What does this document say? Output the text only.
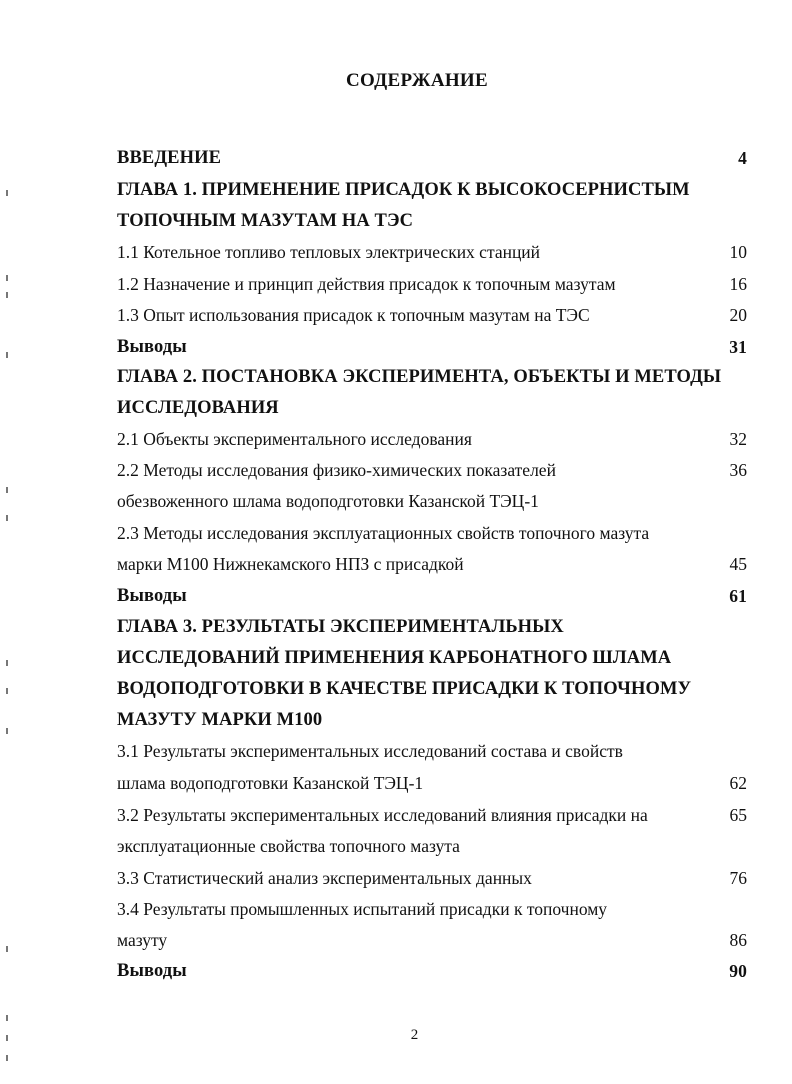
СОДЕРЖАНИЕ
ВВЕДЕНИЕ	4
ГЛАВА 1. ПРИМЕНЕНИЕ ПРИСАДОК К ВЫСОКОСЕРНИСТЫМ
ТОПОЧНЫМ МАЗУТАМ НА ТЭС
1.1 Котельное топливо тепловых электрических станций	10
1.2 Назначение и принцип действия присадок к топочным мазутам	16
1.3 Опыт использования присадок к топочным мазутам на ТЭС	20
Выводы	31
ГЛАВА 2. ПОСТАНОВКА ЭКСПЕРИМЕНТА, ОБЪЕКТЫ И МЕТОДЫ
ИССЛЕДОВАНИЯ
2.1 Объекты экспериментального исследования	32
2.2 Методы исследования физико-химических показателей	36
обезвоженного шлама водоподготовки Казанской ТЭЦ-1
2.3 Методы исследования эксплуатационных свойств топочного мазута
марки М100 Нижнекамского НПЗ с присадкой	45
Выводы	61
ГЛАВА 3. РЕЗУЛЬТАТЫ ЭКСПЕРИМЕНТАЛЬНЫХ
ИССЛЕДОВАНИЙ ПРИМЕНЕНИЯ КАРБОНАТНОГО ШЛАМА
ВОДОПОДГОТОВКИ В КАЧЕСТВЕ ПРИСАДКИ К ТОПОЧНОМУ
МАЗУТУ МАРКИ М100
3.1 Результаты экспериментальных исследований состава и свойств
шлама водоподготовки Казанской ТЭЦ-1	62
3.2 Результаты экспериментальных исследований влияния присадки на	65
эксплуатационные свойства топочного мазута
3.3 Статистический анализ экспериментальных данных	76
3.4 Результаты промышленных испытаний присадки к топочному
мазуту	86
Выводы	90
2
